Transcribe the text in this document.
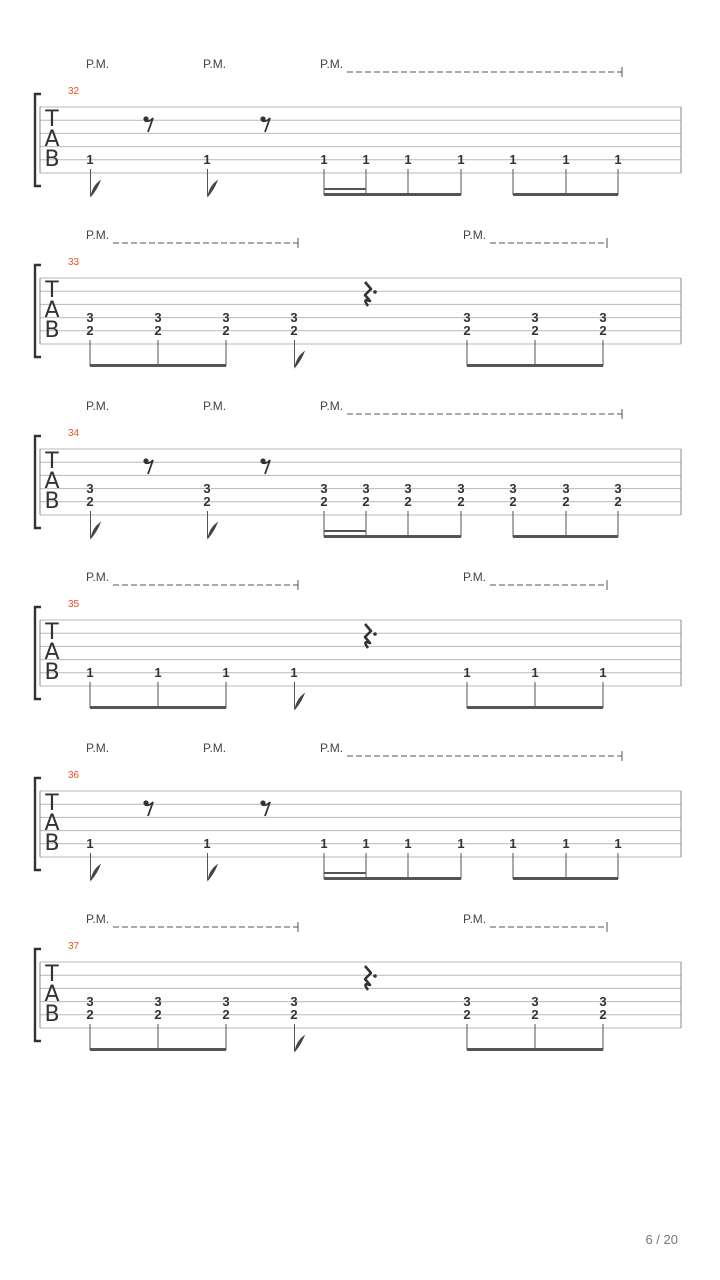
P.M.	P.M.	P.M.
32
T
A
B 1	1	1	1	1	1	1	1	1
P.M.	P.M.
33
T
A
B
3
2
3
2
3
2
3
2
3
2
3
2
3
2
P.M.	P.M.	P.M.
34
T
A
B
3
2
3
2
3
2
3
2
3
2
3
2
3
2
3
2
3
2
P.M.	P.M.
35
T
A
B 1	1	1	1	1	1	1
P.M.	P.M.	P.M.
36
T
A
B 1	1	1	1	1	1	1	1	1
P.M.	P.M.
37
T
A
B
3
2
3
2
3
2
3
2
3
2
3
2
3
2
6 / 20
